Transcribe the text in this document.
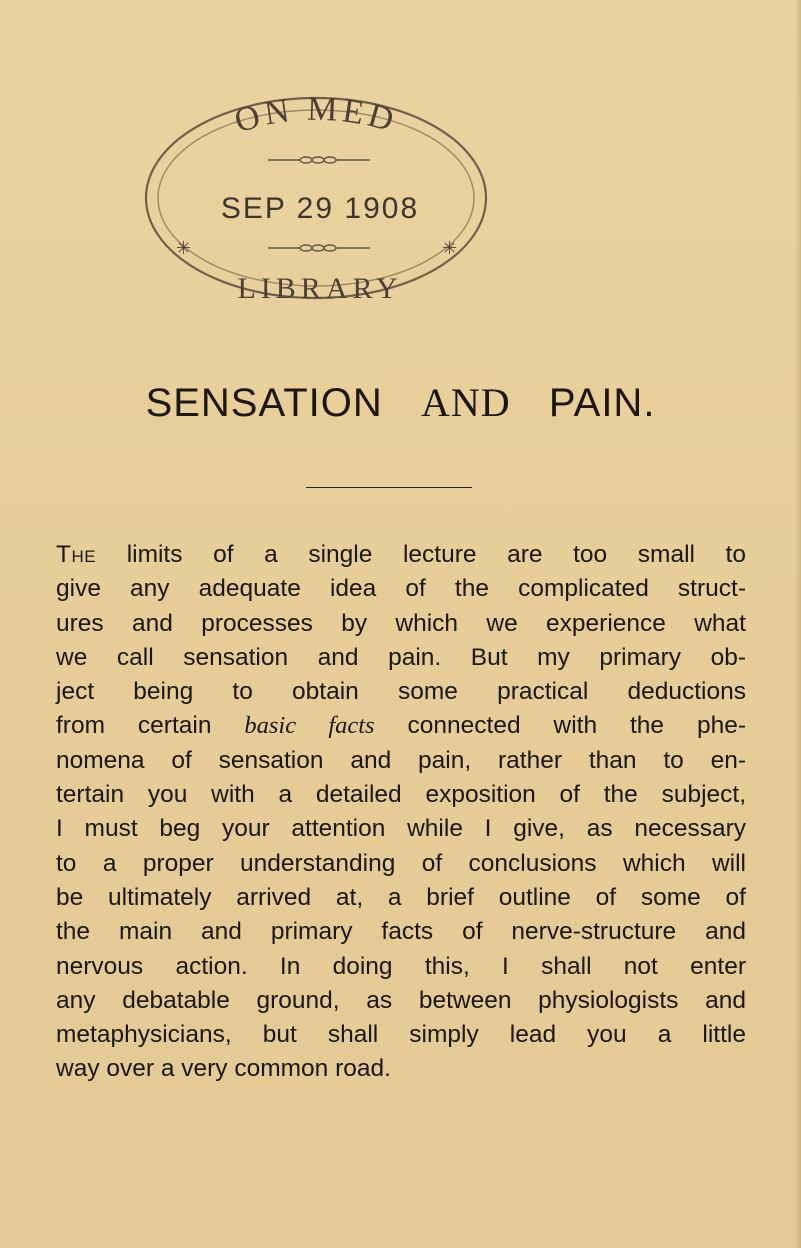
ON MED
SEP 29 1908
✳	✳
LIBRARY
SENSATION AND PAIN.
The limits of a single lecture are too small to
give any adequate idea of the complicated struct-
ures and processes by which we experience what
we call sensation and pain. But my primary ob-
ject being to obtain some practical deductions
from certain basic facts connected with the phe-
nomena of sensation and pain, rather than to en-
tertain you with a detailed exposition of the subject,
I must beg your attention while I give, as necessary
to a proper understanding of conclusions which will
be ultimately arrived at, a brief outline of some of
the main and primary facts of nerve-structure and
nervous action. In doing this, I shall not enter
any debatable ground, as between physiologists and
metaphysicians, but shall simply lead you a little
way over a very common road.
